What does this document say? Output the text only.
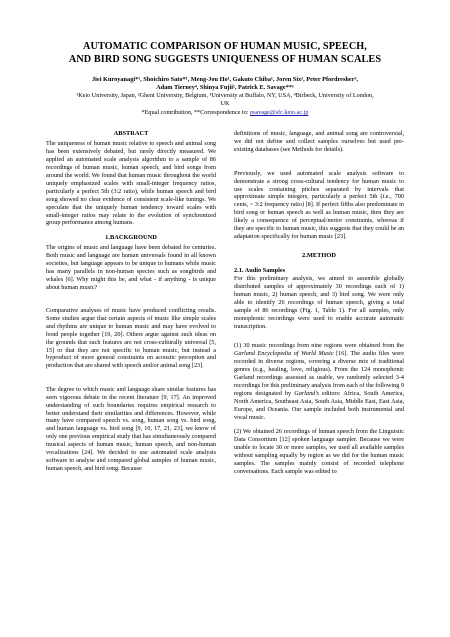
AUTOMATIC COMPARISON OF HUMAN MUSIC, SPEECH,
AND BIRD SONG SUGGESTS UNIQUENESS OF HUMAN SCALES
Jiei Kuroyanagi*¹, Shoichiro Sato*¹, Meng-Jou Ho¹, Gakuto Chiba¹, Joren Six², Peter Pfordresher³,
Adam Tierney⁴, Shinya Fujii¹, Patrick E. Savage**¹
¹Keio University, Japan, ²Ghent University, Belgium, ³University at Buffalo, NY, USA, ⁴Birbeck, University of London,
UK
*Equal contribution, **Correspondence to: psavage@sfc.keio.ac.jp
ABSTRACT

The uniqueness of human music relative to speech and animal song has been extensively debated, but rarely directly measured. We applied an automated scale analysis algorithm to a sample of 86 recordings of human music, human speech, and bird songs from around the world. We found that human music throughout the world uniquely emphasized scales with small-integer frequency ratios, particularly a perfect 5th (3:2 ratio), while human speech and bird song showed no clear evidence of consistent scale-like tunings. We speculate that the uniquely human tendency toward scales with small-integer ratios may relate to the evolution of synchronized group performance among humans.

1.BACKGROUND

The origins of music and language have been debated for centuries. Both music and language are human universals found in all known societies, but language appears to be unique to humans while music has many parallels in non-human species such as songbirds and whales [6]. Why might this be, and what - if anything - is unique about human music?

Comparative analyses of music have produced conflicting results. Some studies argue that certain aspects of music like simple scales and rhythms are unique to human music and may have evolved to bond people together [19, 20]. Others argue against such ideas on the grounds that such features are not cross-culturally universal [5, 15] or that they are not specific to human music, but instead a byproduct of more general constraints on acoustic perception and production that are shared with speech and/or animal song [23].

The degree to which music and language share similar features has seen vigorous debate in the recent literature [9, 17]. An improved understanding of such boundaries requires empirical research to better understand their similarities and differences. However, while many have compared speech vs. song, human song vs. bird song, and human language vs. bird song [9, 10, 17, 21, 23], we know of only one previous empirical study that has simultaneously compared musical aspects of human music, human speech, and non-human vocalizations [24]. We decided to use automated scale analysis software to analyse and compared global samples of human music, human speech, and bird song. Because

definitions of music, language, and animal song are controversial, we did not define and collect samples ourselves but used pre-existing databases (see Methods for details).

Previously, we used automated scale analysis software to demonstrate a strong cross-cultural tendency for human music to use scales containing pitches separated by intervals that approximate simple integers, particularly a perfect 5th (i.e., 700 cents, ~ 3:2 frequency ratio) [8]. If perfect fifths also predominate in bird song or human speech as well as human music, then they are likely a consequence of perceptual/motor constraints, whereas if they are specific to human music, this suggests that they could be an adaptation specifically for human music [23].

2.METHOD
2.1. Audio Samples

For this preliminary analysis, we aimed to assemble globally distributed samples of approximately 30 recordings each of 1) human music, 2) human speech, and 3) bird song. We were only able to identify 26 recordings of human speech, giving a total sample of 86 recordings (Fig. 1, Table 1). For all samples, only monophonic recordings were used to enable accurate automatic transcription.

(1) 30 music recordings from nine regions were obtained from the Garland Encyclopedia of World Music [16]. The audio files were recorded in diverse regions, covering a diverse mix of traditional genres (e.g., healing, love, religious). From the 124 monophonic Garland recordings assessed as usable, we randomly selected 3-4 recordings for this preliminary analysis from each of the following 9 regions designated by Garland’s editors: Africa, South America, North America, Southeast Asia, South Asia, Middle East, East Asia, Europe, and Oceania. Our sample included both instrumental and vocal music.

(2) We obtained 26 recordings of human speech from the Linguistic Data Consortium [12] spoken language sampler. Because we were unable to locate 30 or more samples, we used all available samples without sampling equally by region as we did for the human music samples. The samples mainly consist of recorded telephone conversations. Each sample was edited to
